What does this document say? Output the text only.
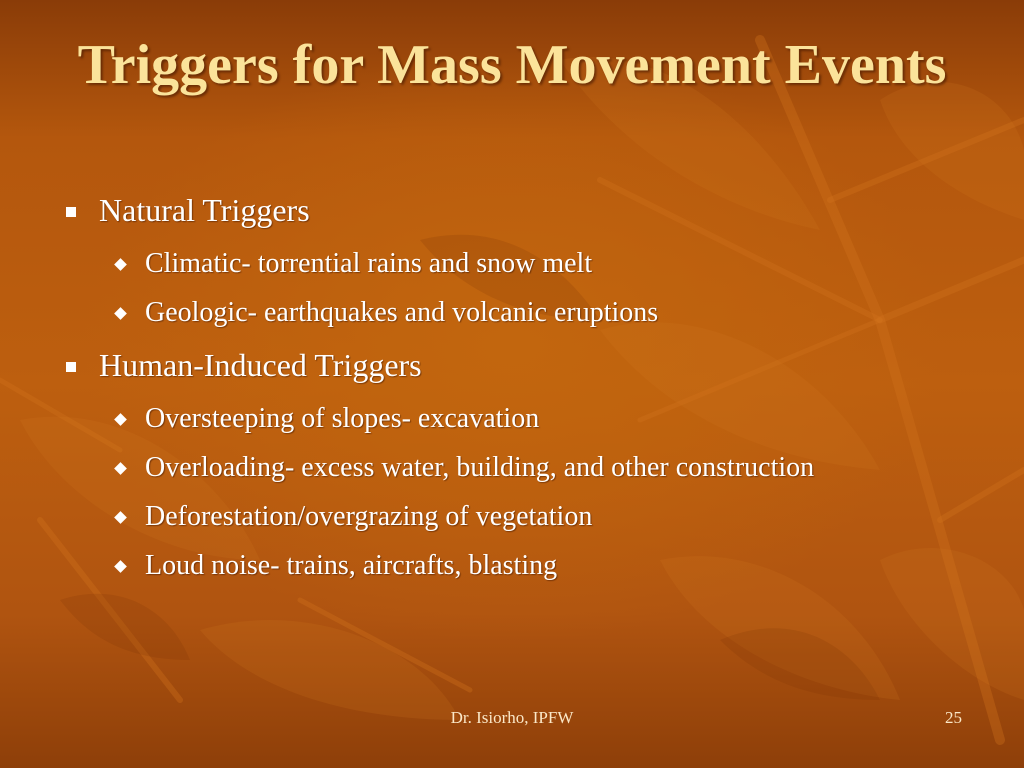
Triggers for Mass Movement Events
Natural Triggers
Climatic- torrential rains and snow melt
Geologic- earthquakes and volcanic eruptions
Human-Induced Triggers
Oversteeping of slopes- excavation
Overloading- excess water, building, and other construction
Deforestation/overgrazing of vegetation
Loud noise- trains, aircrafts, blasting
Dr. Isiorho, IPFW	25
